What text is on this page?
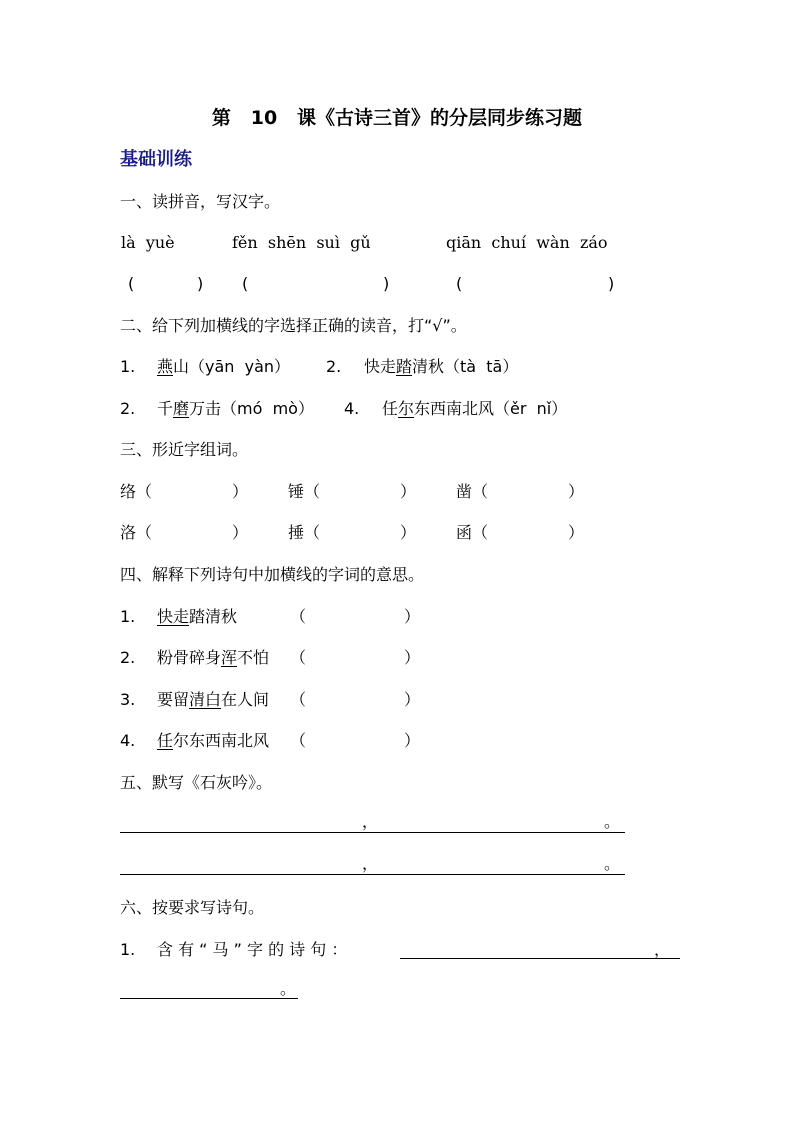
第   10   课《古诗三首》的分层同步练习题
基础训练
一、读拼音，写汉字。
là  yuè	fěn  shēn  suì  gǔ	qiān  chuí  wàn  záo
(	) (	)	(	)
二、给下列加横线的字选择正确的读音，打“√”。
1. 燕山（yān  yàn） 2. 快走踏清秋（tà  tā）
2. 千磨万击（mó  mò） 4. 任尔东西南北风（ěr  nǐ）
三、形近字组词。
络（	） 锤（	） 凿（	）
洛（	） 捶（	） 函（	）
四、解释下列诗句中加横线的字词的意思。
1. 快走踏清秋	（	）
2. 粉骨碎身浑不怕 （	）
3. 要留清白在人间 （	）
4. 任尔东西南北风 （	）
五、默写《石灰吟》。
，	。
，	。
六、按要求写诗句。
1. 含 有 “ 马 ” 字 的 诗 句 ：	，
。
